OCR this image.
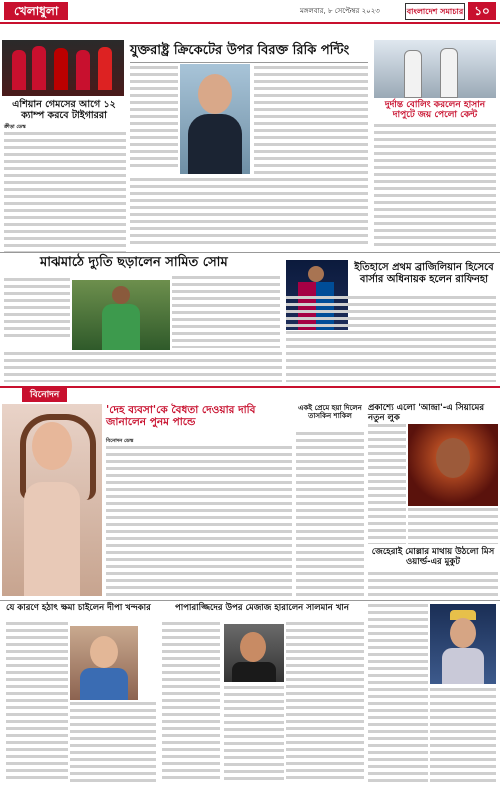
খেলাধুলা	মঙ্গলবার, ৮ সেপ্টেম্বর ২০২৩	বাংলাদেশ সমাচার ১০
এশিয়ান গেমসের আগে ১২ ক্যাম্প করবে টাইগাররা
ক্রীড়া ডেস্ক
যুক্তরাষ্ট্র ক্রিকেটের উপর বিরক্ত রিকি পন্টিং
দুর্দান্ত বোলিং করলেন হাসান দাপুটে জয় পেলো কেন্ট
মাঝমাঠে দ্যুতি ছড়ালেন সামিত সোম	ইতিহাসে প্রথম ব্রাজিলিয়ান হিসেবে বার্সার অধিনায়ক হলেন রাফিনহা
বিনোদন
'দেহ ব্যবসা'কে বৈধতা দেওয়ার দাবি জানালেন পুনম পান্ডে
বিনোদন ডেস্ক
একই প্রেমে হয়া দিলেন তাসকিন শাকিল
প্রকাশ্যে এলো 'আন্দ্রা'-এ সিয়ামের নতুন লুক
জেহেরাই মোল্লার মাথায় উঠলো মিস ওয়ার্ল্ড-এর মুকুট
যে কারণে হঠাৎ ক্ষমা চাইলেন দীপা খন্দকার	পাপারাজ্জিদের উপর মেজাজ হারালেন সালমান খান
